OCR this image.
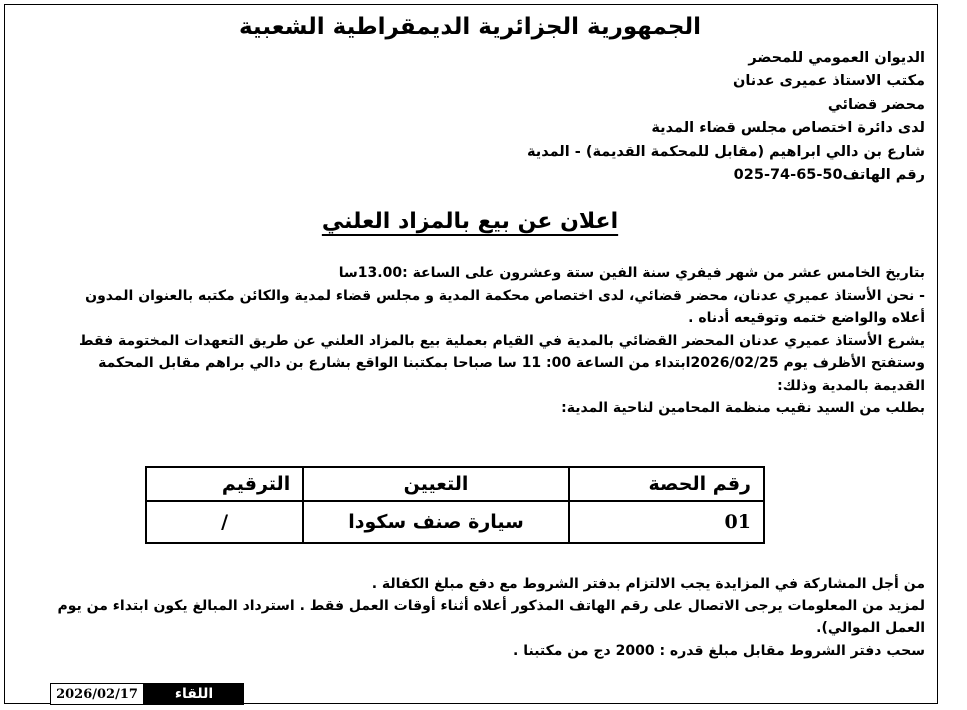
الجمهورية الجزائرية الديمقراطية الشعبية
الديوان العمومي للمحضر
مكتب الاستاذ عميرى عدنان
محضر قضائي
لدى دائرة اختصاص مجلس قضاء المدية
شارع بن دالي ابراهيم (مقابل للمحكمة القديمة) - المدية
رقم الهاتف50-65-74-025
اعلان عن بيع بالمزاد العلني
بتاريخ الخامس عشر من شهر فيفري سنة الفين ستة وعشرون على الساعة :13.00سا
- نحن الأستاذ عميري عدنان، محضر قضائي، لدى اختصاص محكمة المدية و مجلس قضاء لمدية والكائن مكتبه بالعنوان المدون
أعلاه والواضع ختمه وتوقيعه أدناه .
يشرع الأستاذ عميري عدنان المحضر القضائي بالمدية في القيام بعملية بيع بالمزاد العلني عن طريق التعهدات المختومة فقط
وستفتح الأظرف يوم 2026/02/25ابتداء من الساعة 00: 11 سا صباحا بمكتبنا الواقع بشارع بن دالي براهم مقابل المحكمة
القديمة بالمدية وذلك:
بطلب من السيد نقيب منظمة المحامين لناحية المدية:
رقم الحصة	التعيين	الترقيم
01	سيارة صنف سكودا	/
من أجل المشاركة في المزايدة يجب الالتزام بدفتر الشروط مع دفع مبلغ الكفالة .
لمزيد من المعلومات يرجى الاتصال على رقم الهاتف المذكور أعلاه أثناء أوقات العمل فقط . استرداد المبالغ يكون ابتداء من يوم
العمل الموالي).
سحب دفتر الشروط مقابل مبلغ قدره : 2000 دج من مكتبنا .
2026/02/17	اللقاء
